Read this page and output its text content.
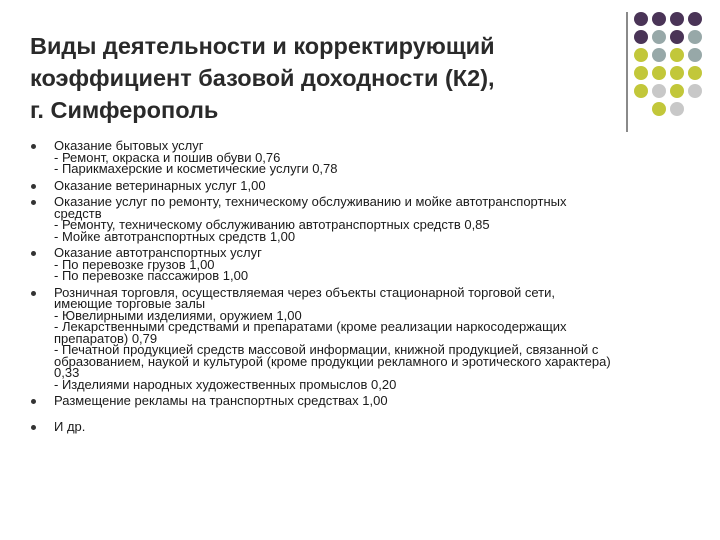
Виды деятельности и корректирующий
коэффициент базовой доходности (К2),
г. Симферополь
Оказание бытовых услуг
- Ремонт, окраска и пошив обуви 0,76
- Парикмахерские и косметические услуги 0,78
Оказание ветеринарных услуг 1,00
Оказание услуг по ремонту, техническому обслуживанию и мойке автотранспортных
средств
- Ремонту, техническому обслуживанию автотранспортных средств 0,85
- Мойке автотранспортных средств 1,00
Оказание автотранспортных услуг
- По перевозке грузов 1,00
- По перевозке пассажиров 1,00
Розничная торговля, осуществляемая через объекты стационарной торговой сети,
имеющие торговые залы
- Ювелирными изделиями, оружием 1,00
- Лекарственными средствами и препаратами (кроме реализации наркосодержащих
препаратов) 0,79
- Печатной продукцией средств массовой информации, книжной продукцией, связанной с
образованием, наукой и культурой (кроме продукции рекламного и эротического характера)
0,33
- Изделиями народных художественных промыслов 0,20
Размещение рекламы на транспортных средствах 1,00
И др.
